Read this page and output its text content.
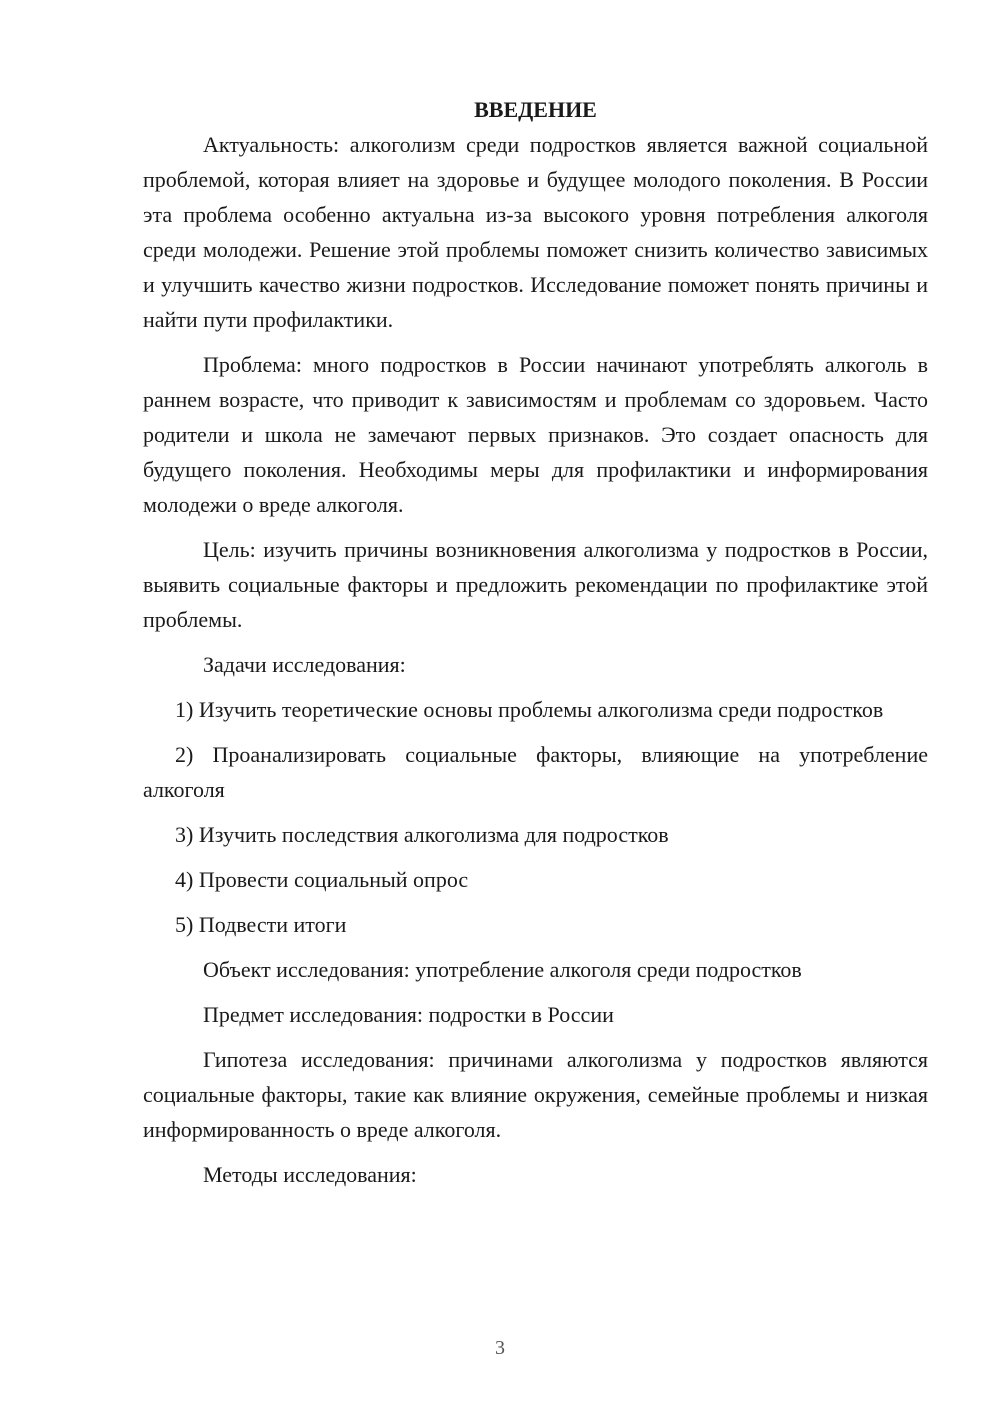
ВВЕДЕНИЕ

Актуальность: алкоголизм среди подростков является важной социальной проблемой, которая влияет на здоровье и будущее молодого поколения. В России эта проблема особенно актуальна из-за высокого уровня потребления алкоголя среди молодежи. Решение этой проблемы поможет снизить количество зависимых и улучшить качество жизни подростков. Исследование поможет понять причины и найти пути профилактики.

Проблема: много подростков в России начинают употреблять алкоголь в раннем возрасте, что приводит к зависимостям и проблемам со здоровьем. Часто родители и школа не замечают первых признаков. Это создает опасность для будущего поколения. Необходимы меры для профилактики и информирования молодежи о вреде алкоголя.

Цель: изучить причины возникновения алкоголизма у подростков в России, выявить социальные факторы и предложить рекомендации по профилактике этой проблемы.

Задачи исследования:

1) Изучить теоретические основы проблемы алкоголизма среди подростков

2) Проанализировать социальные факторы, влияющие на употребление алкоголя

3) Изучить последствия алкоголизма для подростков

4) Провести социальный опрос

5) Подвести итоги

Объект исследования: употребление алкоголя среди подростков

Предмет исследования: подростки в России

Гипотеза исследования: причинами алкоголизма у подростков являются социальные факторы, такие как влияние окружения, семейные проблемы и низкая информированность о вреде алкоголя.

Методы исследования:

3
